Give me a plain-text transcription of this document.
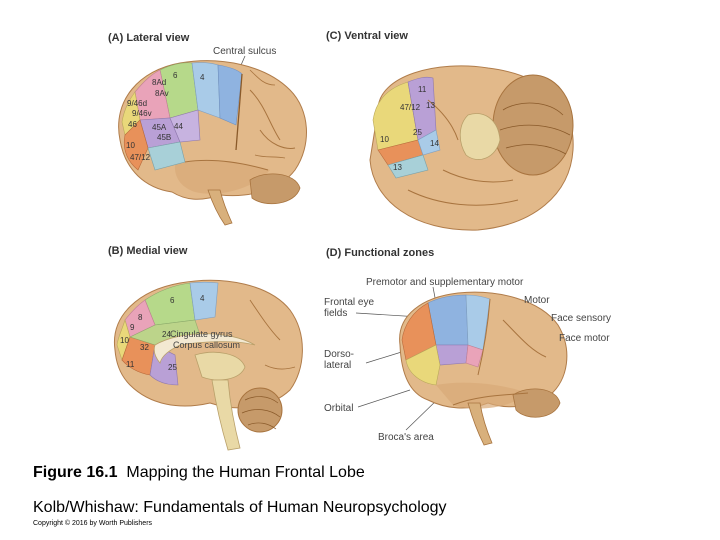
(A) Lateral view
Central sulcus
6	4
8Ad
8Av
9/46d
9/46v
46 45A 44
45B
10
47/12
(C) Ventral view
11
47/12 13
25
10	14
13
(B) Medial view
6	4
8
9
10
32
24
25
11
Cingulate gyrus
Corpus callosum
(D) Functional zones
Premotor and supplementary motor
Frontal eye
fields
Dorso-
lateral
Orbital
Broca's area
Motor
Face sensory
Face motor
Figure 16.1 Mapping the Human Frontal Lobe
Kolb/Whishaw: Fundamentals of Human Neuropsychology
Copyright © 2016 by Worth Publishers
